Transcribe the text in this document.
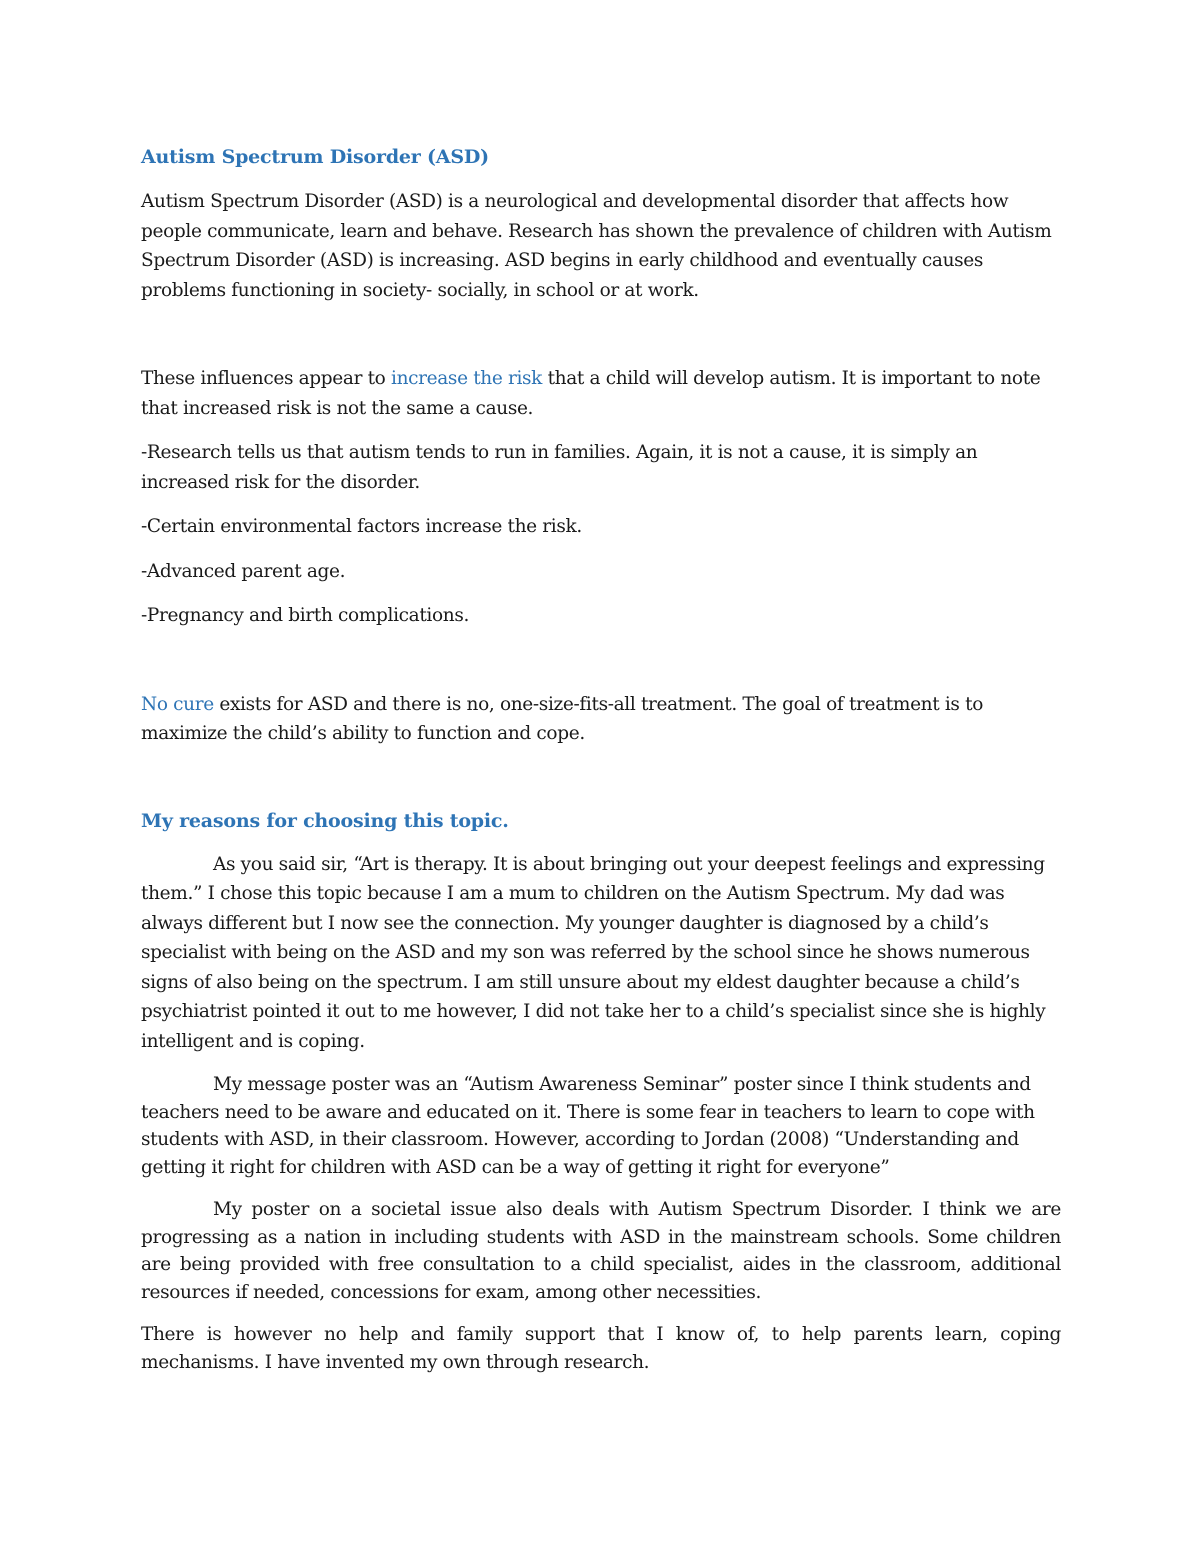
Autism Spectrum Disorder (ASD)

Autism Spectrum Disorder (ASD) is a neurological and developmental disorder that affects how people communicate, learn and behave. Research has shown the prevalence of children with Autism Spectrum Disorder (ASD) is increasing. ASD begins in early childhood and eventually causes problems functioning in society- socially, in school or at work.

These influences appear to increase the risk that a child will develop autism. It is important to note that increased risk is not the same a cause.

-Research tells us that autism tends to run in families. Again, it is not a cause, it is simply an increased risk for the disorder.

-Certain environmental factors increase the risk.

-Advanced parent age.

-Pregnancy and birth complications.

No cure exists for ASD and there is no, one-size-fits-all treatment. The goal of treatment is to maximize the child’s ability to function and cope.

My reasons for choosing this topic.

As you said sir, “Art is therapy. It is about bringing out your deepest feelings and expressing them.” I chose this topic because I am a mum to children on the Autism Spectrum. My dad was always different but I now see the connection. My younger daughter is diagnosed by a child’s specialist with being on the ASD and my son was referred by the school since he shows numerous signs of also being on the spectrum. I am still unsure about my eldest daughter because a child’s psychiatrist pointed it out to me however, I did not take her to a child’s specialist since she is highly intelligent and is coping.

My message poster was an “Autism Awareness Seminar” poster since I think students and teachers need to be aware and educated on it. There is some fear in teachers to learn to cope with students with ASD, in their classroom. However, according to Jordan (2008) “Understanding and getting it right for children with ASD can be a way of getting it right for everyone”

My poster on a societal issue also deals with Autism Spectrum Disorder. I think we are progressing as a nation in including students with ASD in the mainstream schools. Some children are being provided with free consultation to a child specialist, aides in the classroom, additional resources if needed, concessions for exam, among other necessities.

There is however no help and family support that I know of, to help parents learn, coping mechanisms. I have invented my own through research.
